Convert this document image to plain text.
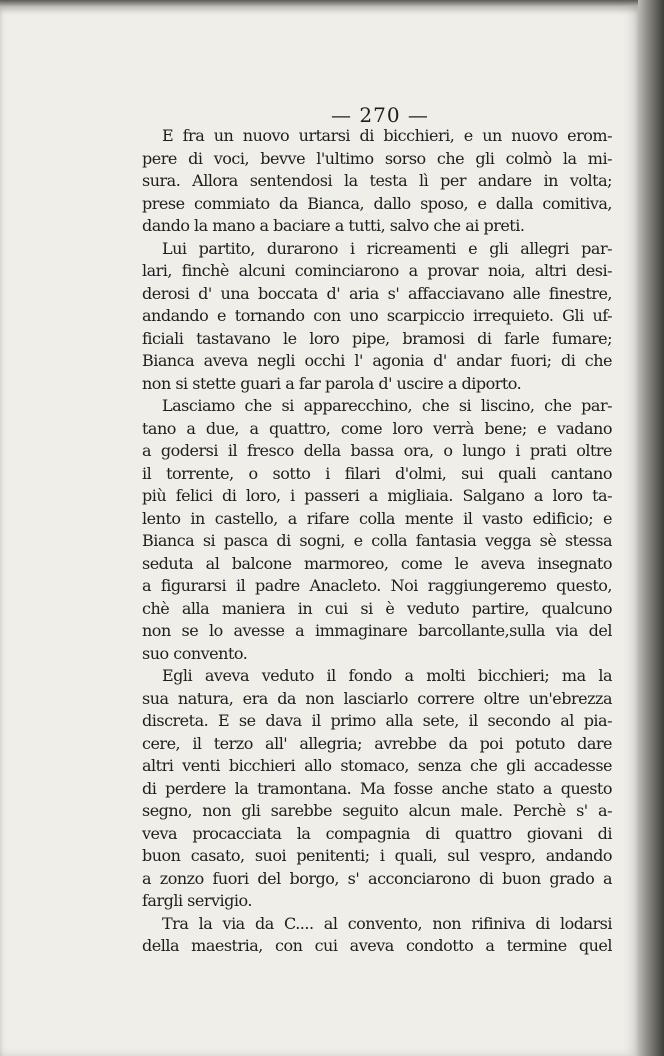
— 270 —
E fra un nuovo urtarsi di bicchieri, e un nuovo erom-
pere di voci, bevve l'ultimo sorso che gli colmò la mi-
sura. Allora sentendosi la testa lì per andare in volta;
prese commiato da Bianca, dallo sposo, e dalla comitiva,
dando la mano a baciare a tutti, salvo che ai preti.
Lui partito, durarono i ricreamenti e gli allegri par-
lari, finchè alcuni cominciarono a provar noia, altri desi-
derosi d' una boccata d' aria s' affacciavano alle finestre,
andando e tornando con uno scarpiccio irrequieto. Gli uf-
ficiali tastavano le loro pipe, bramosi di farle fumare;
Bianca aveva negli occhi l' agonia d' andar fuori; di che
non si stette guari a far parola d' uscire a diporto.
Lasciamo che si apparecchino, che si liscino, che par-
tano a due, a quattro, come loro verrà bene; e vadano
a godersi il fresco della bassa ora, o lungo i prati oltre
il torrente, o sotto i filari d'olmi, sui quali cantano
più felici di loro, i passeri a migliaia. Salgano a loro ta-
lento in castello, a rifare colla mente il vasto edificio; e
Bianca si pasca di sogni, e colla fantasia vegga sè stessa
seduta al balcone marmoreo, come le aveva insegnato
a figurarsi il padre Anacleto. Noi raggiungeremo questo,
chè alla maniera in cui si è veduto partire, qualcuno
non se lo avesse a immaginare barcollante,sulla via del
suo convento.
Egli aveva veduto il fondo a molti bicchieri; ma la
sua natura, era da non lasciarlo correre oltre un'ebrezza
discreta. E se dava il primo alla sete, il secondo al pia-
cere, il terzo all' allegria; avrebbe da poi potuto dare
altri venti bicchieri allo stomaco, senza che gli accadesse
di perdere la tramontana. Ma fosse anche stato a questo
segno, non gli sarebbe seguito alcun male. Perchè s' a-
veva procacciata la compagnia di quattro giovani di
buon casato, suoi penitenti; i quali, sul vespro, andando
a zonzo fuori del borgo, s' acconciarono di buon grado a
fargli servigio.
Tra la via da C.... al convento, non rifiniva di lodarsi
della maestria, con cui aveva condotto a termine quel
